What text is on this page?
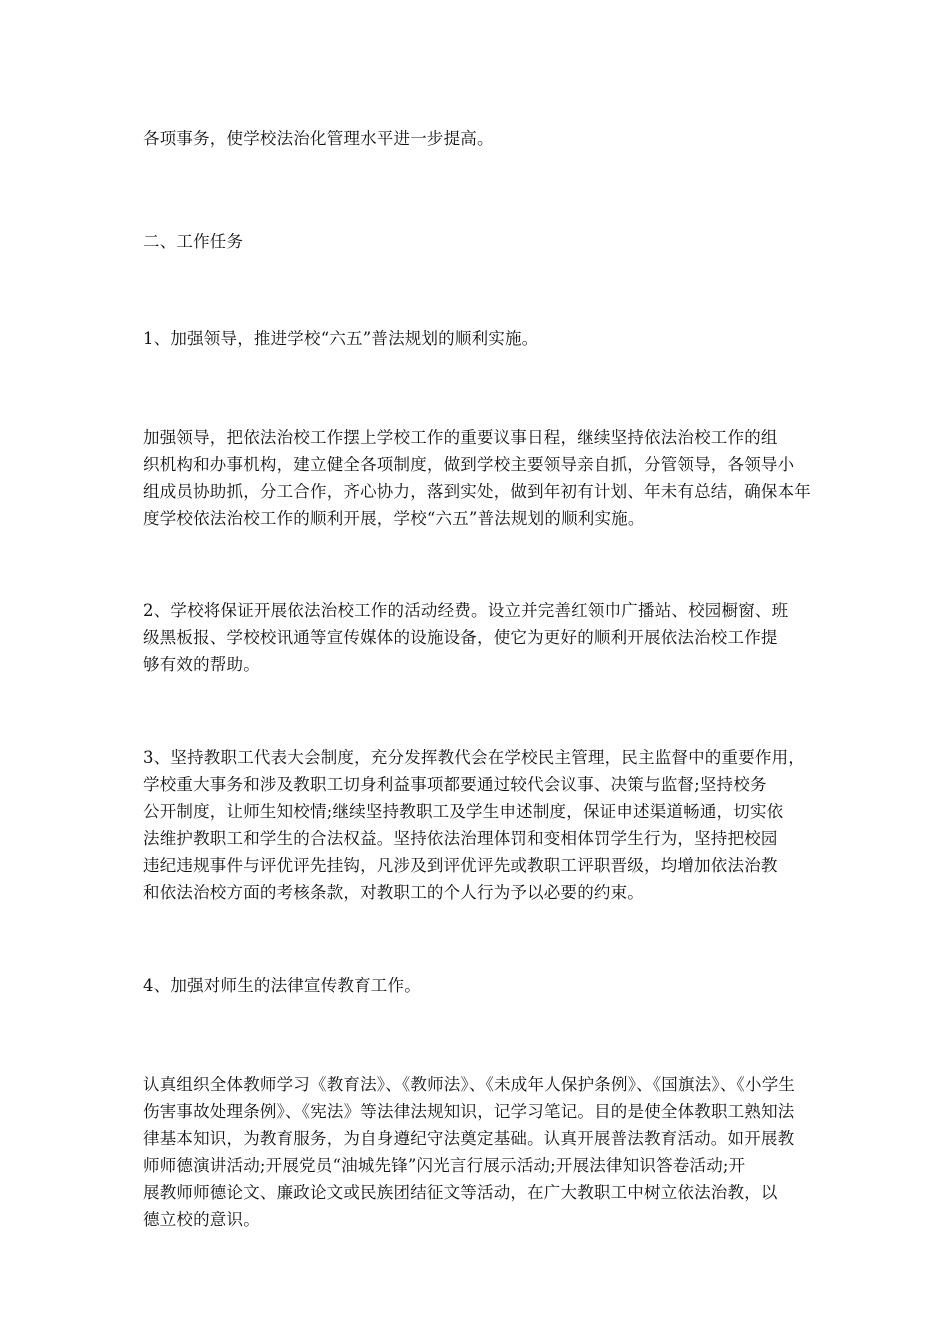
各项事务，使学校法治化管理水平进一步提高。

二、工作任务

1、加强领导，推进学校“六五”普法规划的顺利实施。

加强领导，把依法治校工作摆上学校工作的重要议事日程，继续坚持依法治校工作的组
织机构和办事机构，建立健全各项制度，做到学校主要领导亲自抓，分管领导，各领导小
组成员协助抓，分工合作，齐心协力，落到实处，做到年初有计划、年未有总结，确保本年
度学校依法治校工作的顺利开展，学校“六五”普法规划的顺利实施。

2、学校将保证开展依法治校工作的活动经费。设立并完善红领巾广播站、校园橱窗、班
级黑板报、学校校讯通等宣传媒体的设施设备，使它为更好的顺利开展依法治校工作提
够有效的帮助。

3、坚持教职工代表大会制度，充分发挥教代会在学校民主管理，民主监督中的重要作用，
学校重大事务和涉及教职工切身利益事项都要通过较代会议事、决策与监督;坚持校务
公开制度，让师生知校情;继续坚持教职工及学生申述制度，保证申述渠道畅通，切实依
法维护教职工和学生的合法权益。坚持依法治理体罚和变相体罚学生行为，坚持把校园
违纪违规事件与评优评先挂钩，凡涉及到评优评先或教职工评职晋级，均增加依法治教
和依法治校方面的考核条款，对教职工的个人行为予以必要的约束。

4、加强对师生的法律宣传教育工作。

认真组织全体教师学习《教育法》、《教师法》、《未成年人保护条例》、《国旗法》、《小学生
伤害事故处理条例》、《宪法》等法律法规知识，记学习笔记。目的是使全体教职工熟知法
律基本知识，为教育服务，为自身遵纪守法奠定基础。认真开展普法教育活动。如开展教
师师德演讲活动;开展党员“油城先锋”闪光言行展示活动;开展法律知识答卷活动;开
展教师师德论文、廉政论文或民族团结征文等活动，在广大教职工中树立依法治教，以
德立校的意识。
